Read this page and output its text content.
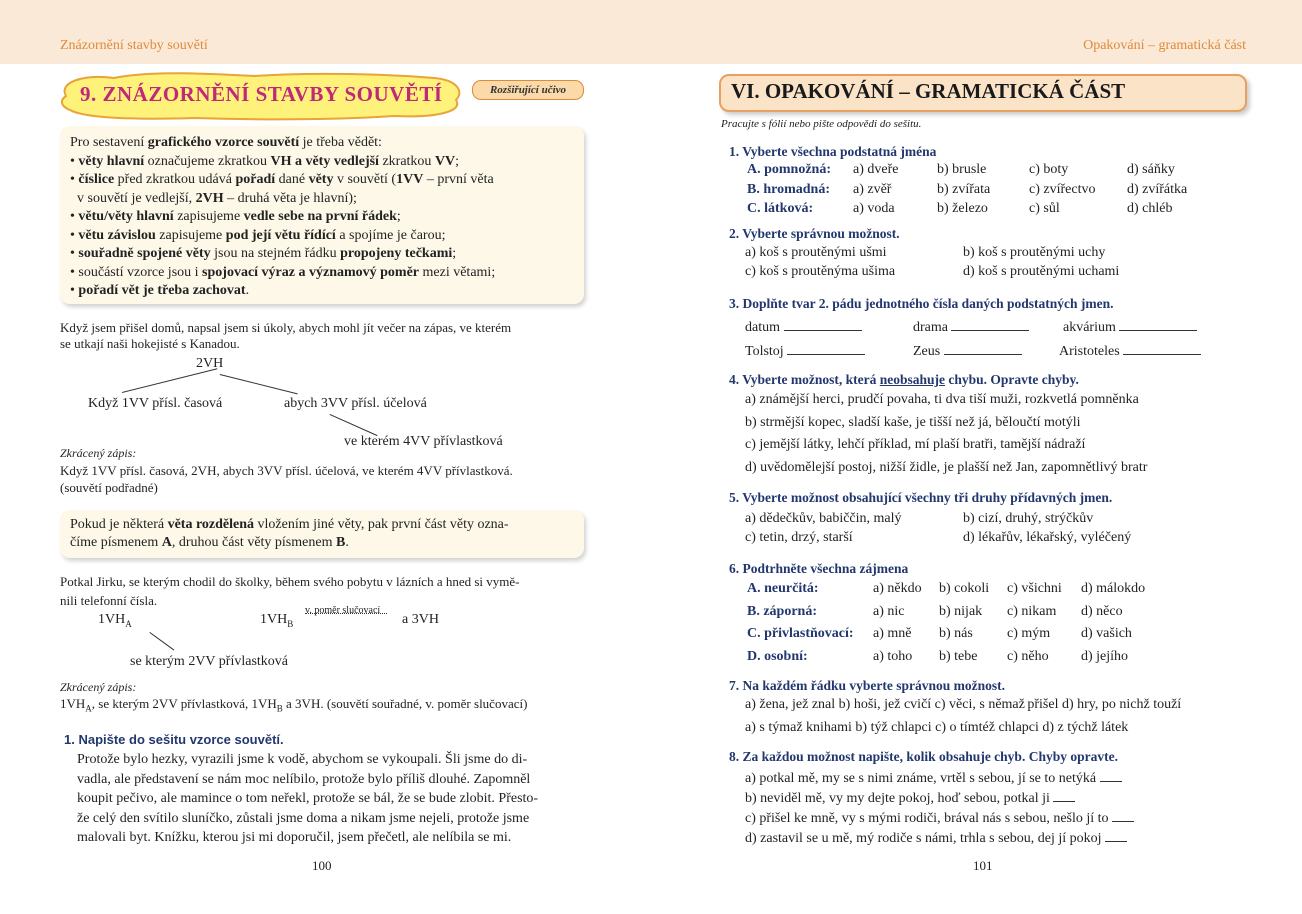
Znázornění stavby souvětí	Opakování – gramatická část
9. ZNÁZORNĚNÍ STAVBY SOUVĚTÍ	Rozšiřující učivo
Pro sestavení grafického vzorce souvětí je třeba vědět:
• věty hlavní označujeme zkratkou VH a věty vedlejší zkratkou VV;
• číslice před zkratkou udává pořadí dané věty v souvětí (1VV – první věta
v souvětí je vedlejší, 2VH – druhá věta je hlavní);
• větu/věty hlavní zapisujeme vedle sebe na první řádek;
• větu závislou zapisujeme pod její větu řídící a spojíme je čarou;
• souřadně spojené věty jsou na stejném řádku propojeny tečkami;
• součástí vzorce jsou i spojovací výraz a významový poměr mezi větami;
• pořadí vět je třeba zachovat.
Když jsem přišel domů, napsal jsem si úkoly, abych mohl jít večer na zápas, ve kterém
se utkají naši hokejisté s Kanadou.
2VH
Když 1VV přísl. časová	abych 3VV přísl. účelová
ve kterém 4VV přívlastková
Zkrácený zápis:
Když 1VV přísl. časová, 2VH, abych 3VV přísl. účelová, ve kterém 4VV přívlastková.
(souvětí podřadné)
Pokud je některá věta rozdělená vložením jiné věty, pak první část věty ozna-
číme písmenem A, druhou část věty písmenem B.
Potkal Jirku, se kterým chodil do školky, během svého pobytu v lázních a hned si vymě-
nili telefonní čísla.
$1VH_A$	$1VH_B$
v. poměr slučovací
a 3VH
se kterým 2VV přívlastková
Zkrácený zápis:
$1VH_A$, se kterým 2VV přívlastková, $1VH_B$ a 3VH. (souvětí souřadné, v. poměr slučovací)
1. Napište do sešitu vzorce souvětí.
Protože bylo hezky, vyrazili jsme k vodě, abychom se vykoupali. Šli jsme do di-
vadla, ale představení se nám moc nelíbilo, protože bylo příliš dlouhé. Zapomněl
koupit pečivo, ale mamince o tom neřekl, protože se bál, že se bude zlobit. Přesto-
že celý den svítilo sluníčko, zůstali jsme doma a nikam jsme nejeli, protože jsme
malovali byt. Knížku, kterou jsi mi doporučil, jsem přečetl, ale nelíbila se mi.
100
VI. OPAKOVÁNÍ – GRAMATICKÁ ČÁST
Pracujte s fólií nebo pište odpovědi do sešitu.
1. Vyberte všechna podstatná jména
A. pomnožná: a) dveře	b) brusle	c) boty	d) sáňky
B. hromadná: a) zvěř	b) zvířata	c) zvířectvo d) zvířátka
C. látková:	a) voda	b) železo	c) sůl	d) chléb
2. Vyberte správnou možnost.
a) koš s proutěnými ušmi	b) koš s proutěnými uchy
c) koš s proutěnýma ušima	d) koš s proutěnými uchami
3. Doplňte tvar 2. pádu jednotného čísla daných podstatných jmen.
datum	drama	akvárium
Tolstoj	Zeus	Aristoteles
4. Vyberte možnost, která neobsahuje chybu. Opravte chyby.
a) známější herci, prudčí povaha, ti dva tiší muži, rozkvetlá pomněnka
b) strmější kopec, sladší kaše, je tišší než já, běloučtí motýli
c) jemější látky, lehčí příklad, mí plaší bratři, tamější nádraží
d) uvědomělejší postoj, nižší židle, je plašší než Jan, zapomnětlivý bratr
5. Vyberte možnost obsahující všechny tři druhy přídavných jmen.
a) dědečkův, babiččin, malý	b) cizí, druhý, strýčkův
c) tetin, drzý, starší	d) lékařův, lékařský, vyléčený
6. Podtrhněte všechna zájmena
A. neurčitá:	a) někdo b) cokoli c) všichni d) málokdo
B. záporná:	a) nic b) nijak c) nikam d) něco
C. přivlastňovací: a) mně b) nás c) mým d) vašich
D. osobní:	a) toho b) tebe c) něho d) jejího
7. Na každém řádku vyberte správnou možnost.
a) žena, jež znal b) hoši, jež cvičí c) věci, s němaž přišel d) hry, po nichž touží
a) s týmaž knihami b) týž chlapci c) o tímtéž chlapci d) z týchž látek
8. Za každou možnost napište, kolik obsahuje chyb. Chyby opravte.
a) potkal mě, my se s nimi známe, vrtěl s sebou, jí se to netýká
b) neviděl mě, vy my dejte pokoj, hoď sebou, potkal ji
c) přišel ke mně, vy s mými rodiči, brával nás s sebou, nešlo jí to
d) zastavil se u mě, mý rodiče s námi, trhla s sebou, dej jí pokoj
101
